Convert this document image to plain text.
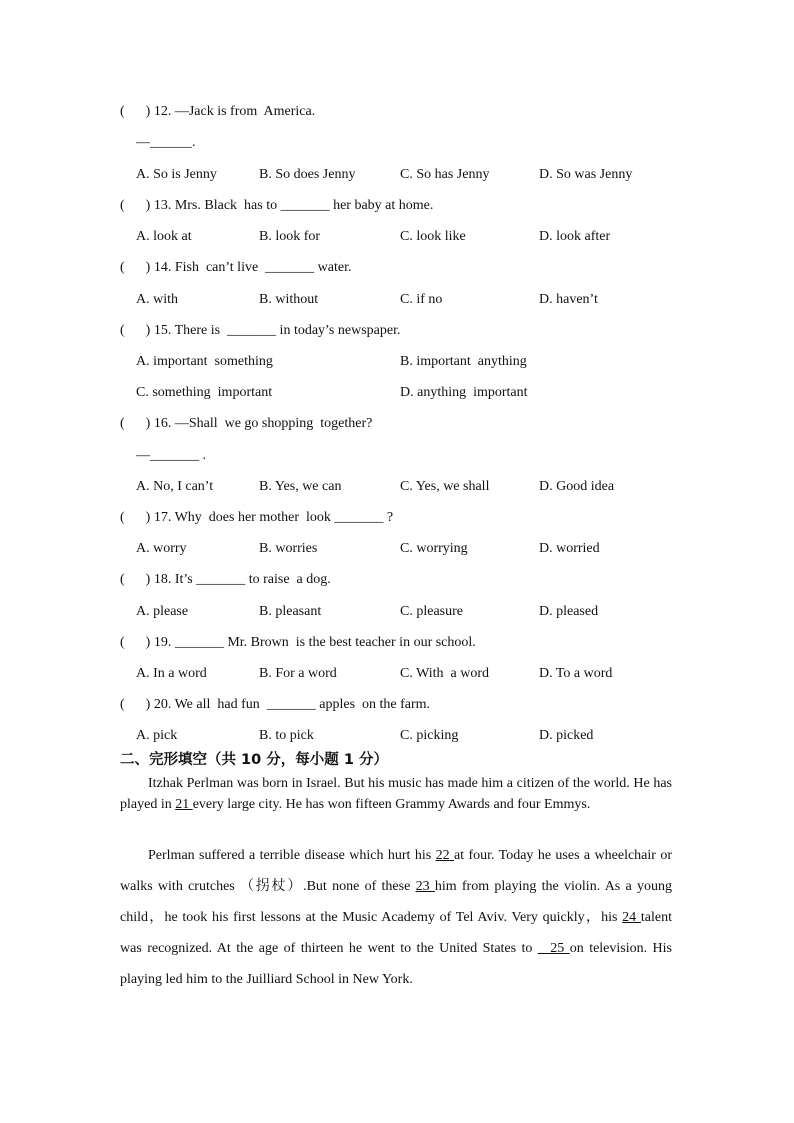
(      ) 12. —Jack is from  America.
—______.
A. So is Jenny	B. So does Jenny	C. So has Jenny	D. So was Jenny
(      ) 13. Mrs. Black  has to _______ her baby at home.
A. look at	B. look for	C. look like	D. look after
(      ) 14. Fish  can’t live  _______ water.
A. with	B. without	C. if no	D. haven’t
(      ) 15. There is  _______ in today’s newspaper.
A. important  something	B. important  anything
C. something  important	D. anything  important
(      ) 16. —Shall  we go shopping  together?
—_______ .
A. No, I can’t	B. Yes, we can	C. Yes, we shall	D. Good idea
(      ) 17. Why  does her mother  look _______ ?
A. worry	B. worries	C. worrying	D. worried
(      ) 18. It’s _______ to raise  a dog.
A. please	B. pleasant	C. pleasure	D. pleased
(      ) 19. _______ Mr. Brown  is the best teacher in our school.
A. In a word	B. For a word	C. With  a word	D. To a word
(      ) 20. We all  had fun  _______ apples  on the farm.
A. pick	B. to pick	C. picking	D. picked
二、完形填空（共 10 分，每小题 1 分）
Itzhak Perlman was born in Israel. But his music has made him a citizen of the world. He has played in 21 every large city. He has won fifteen Grammy Awards and four Emmys.
Perlman suffered a terrible disease which hurt his 22 at four. Today he uses a wheelchair or walks with crutches （拐杖）.But none of these 23 him from playing the violin. As a young child，he took his first lessons at the Music Academy of Tel Aviv. Very quickly，his 24 talent was recognized. At the age of thirteen he went to the United States to _ 25 on television. His playing led him to the Juilliard School in New York.
